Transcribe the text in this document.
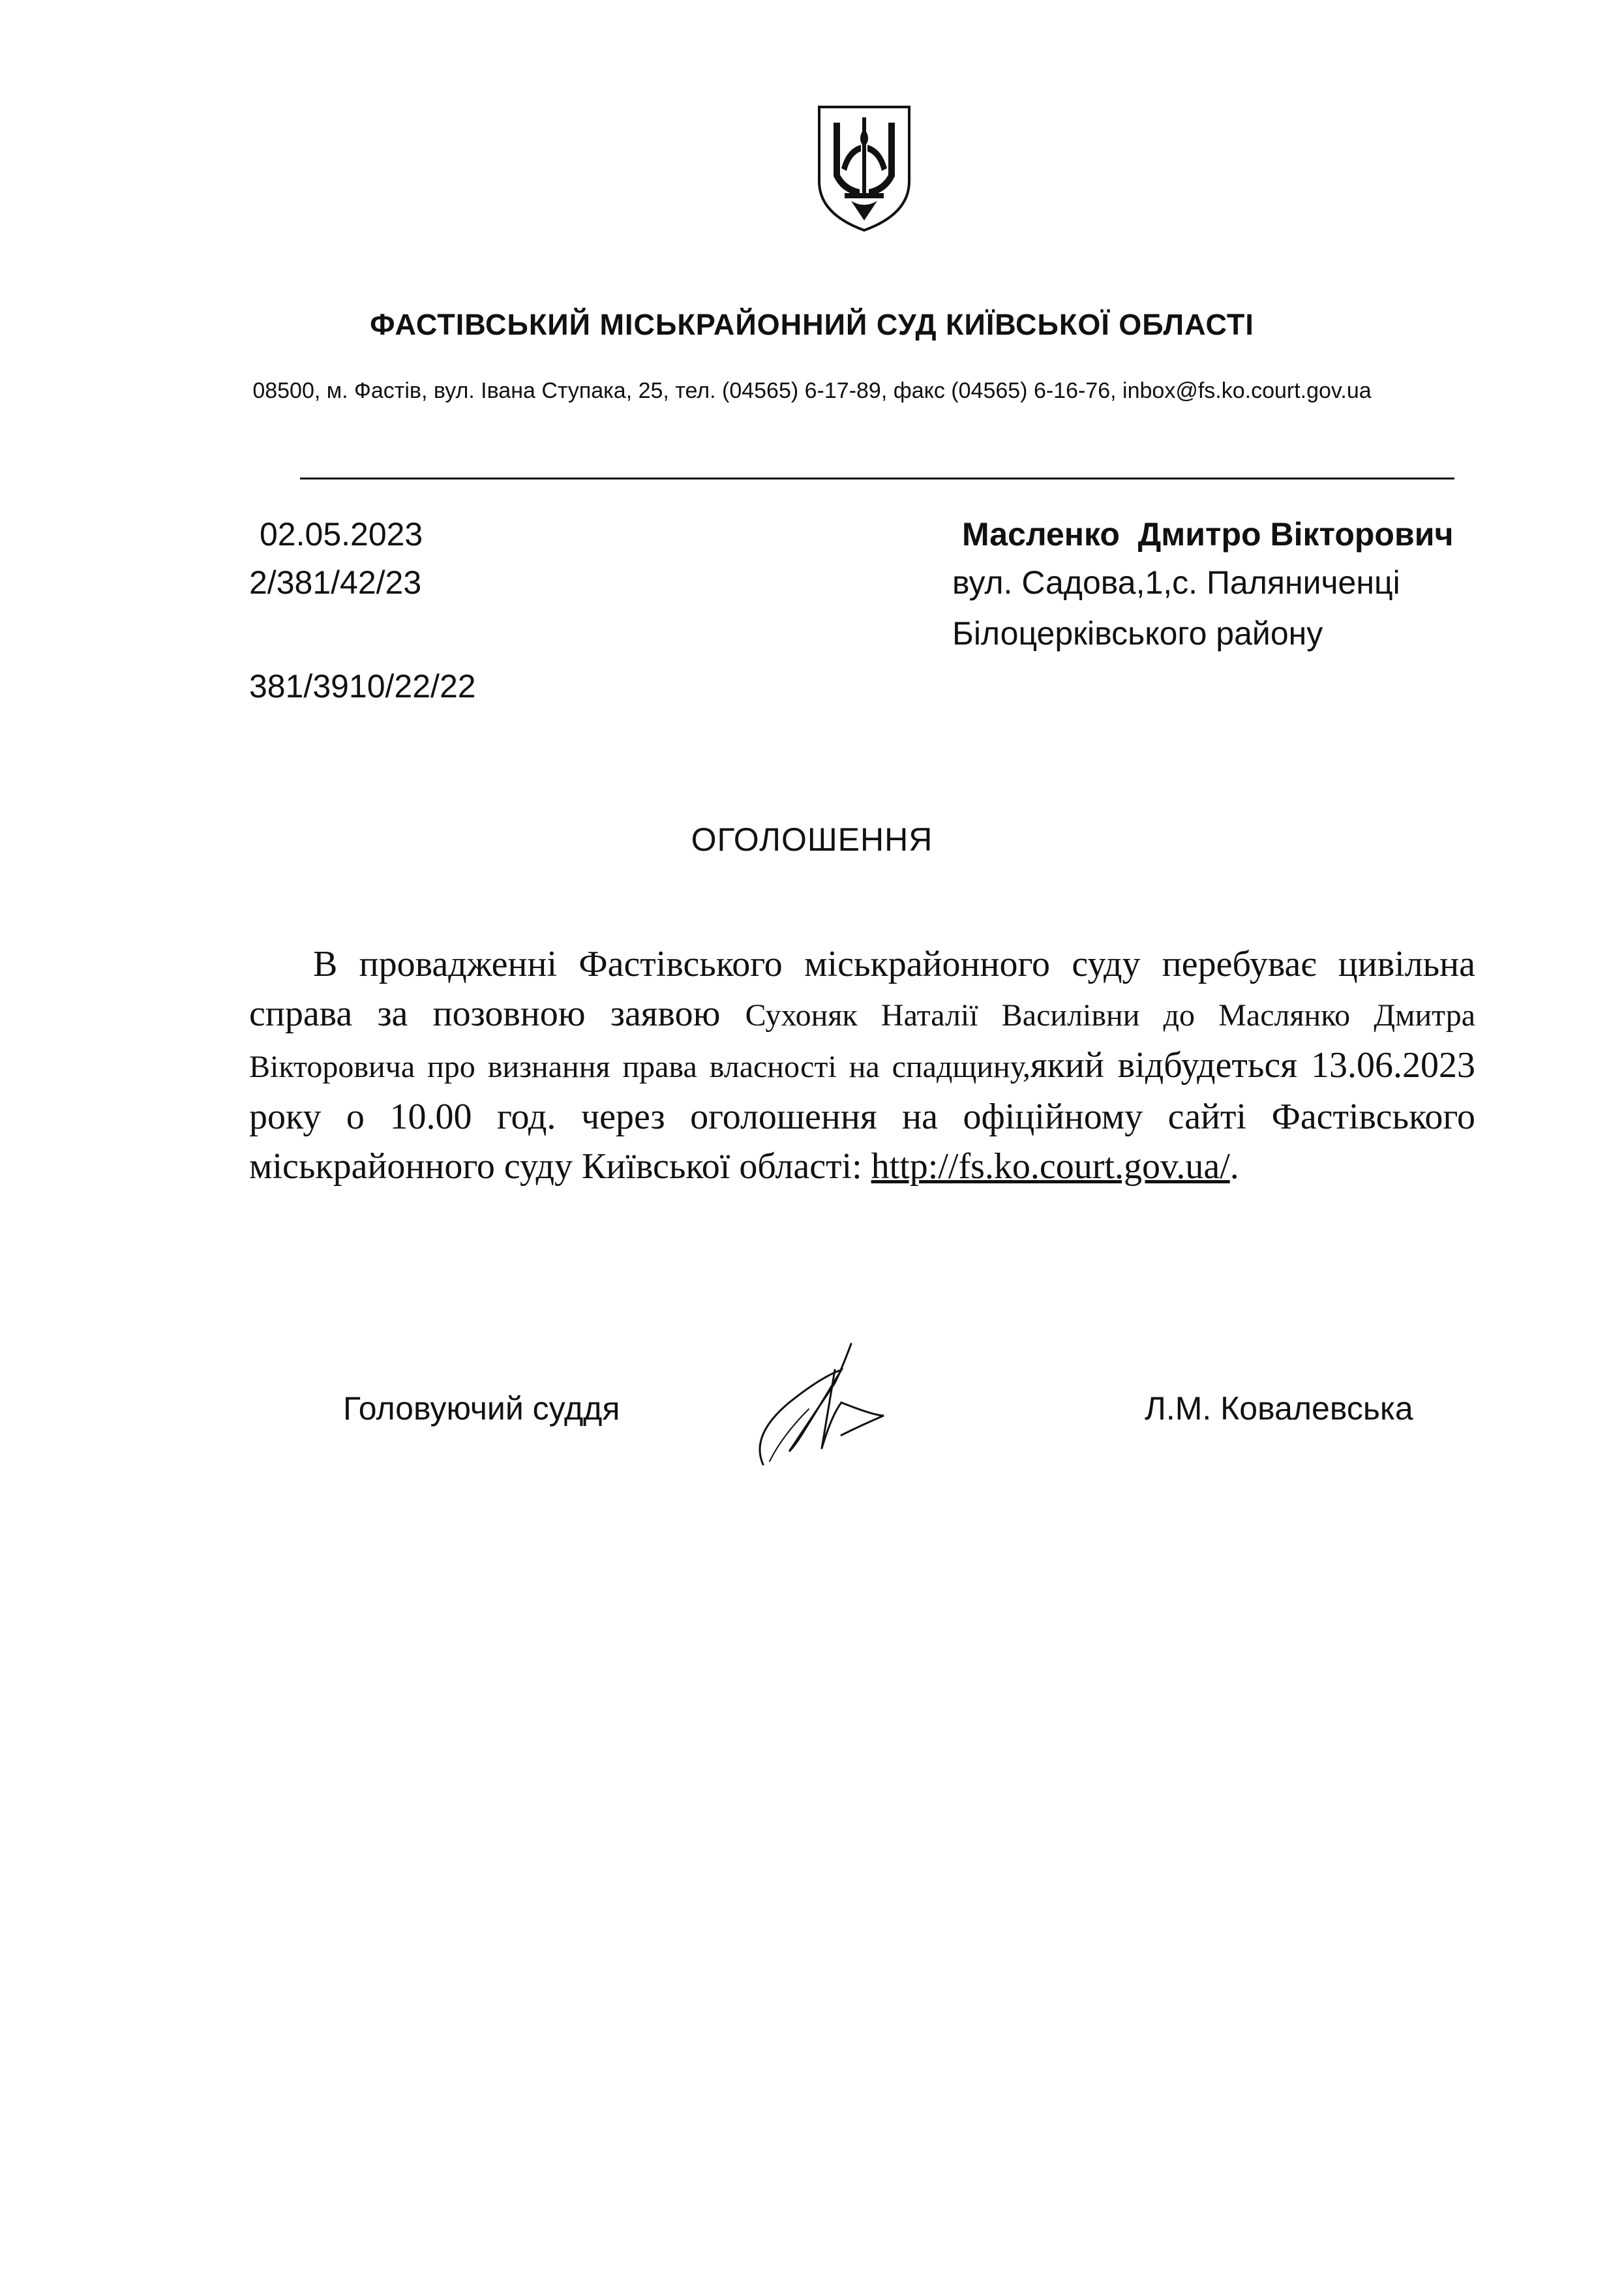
ФАСТІВСЬКИЙ МІСЬКРАЙОННИЙ СУД КИЇВСЬКОЇ ОБЛАСТІ
08500, м. Фастів, вул. Івана Ступака, 25, тел. (04565) 6-17-89, факс (04565) 6-16-76, inbox@fs.ko.court.gov.ua
02.05.2023
2/381/42/23
381/3910/22/22
Масленко  Дмитро Вікторович
вул. Садова,1,с. Паляниченці
Білоцерківського району
ОГОЛОШЕННЯ
В провадженні Фастівського міськрайонного суду перебуває цивільна справа за позовною заявою Сухоняк Наталії Василівни до Маслянко Дмитра Вікторовича про визнання права власності на спадщину,який відбудеться 13.06.2023 року о 10.00 год. через оголошення на офіційному сайті Фастівського міськрайонного суду Київської області: http://fs.ko.court.gov.ua/.
Головуючий суддя	Л.М. Ковалевська
